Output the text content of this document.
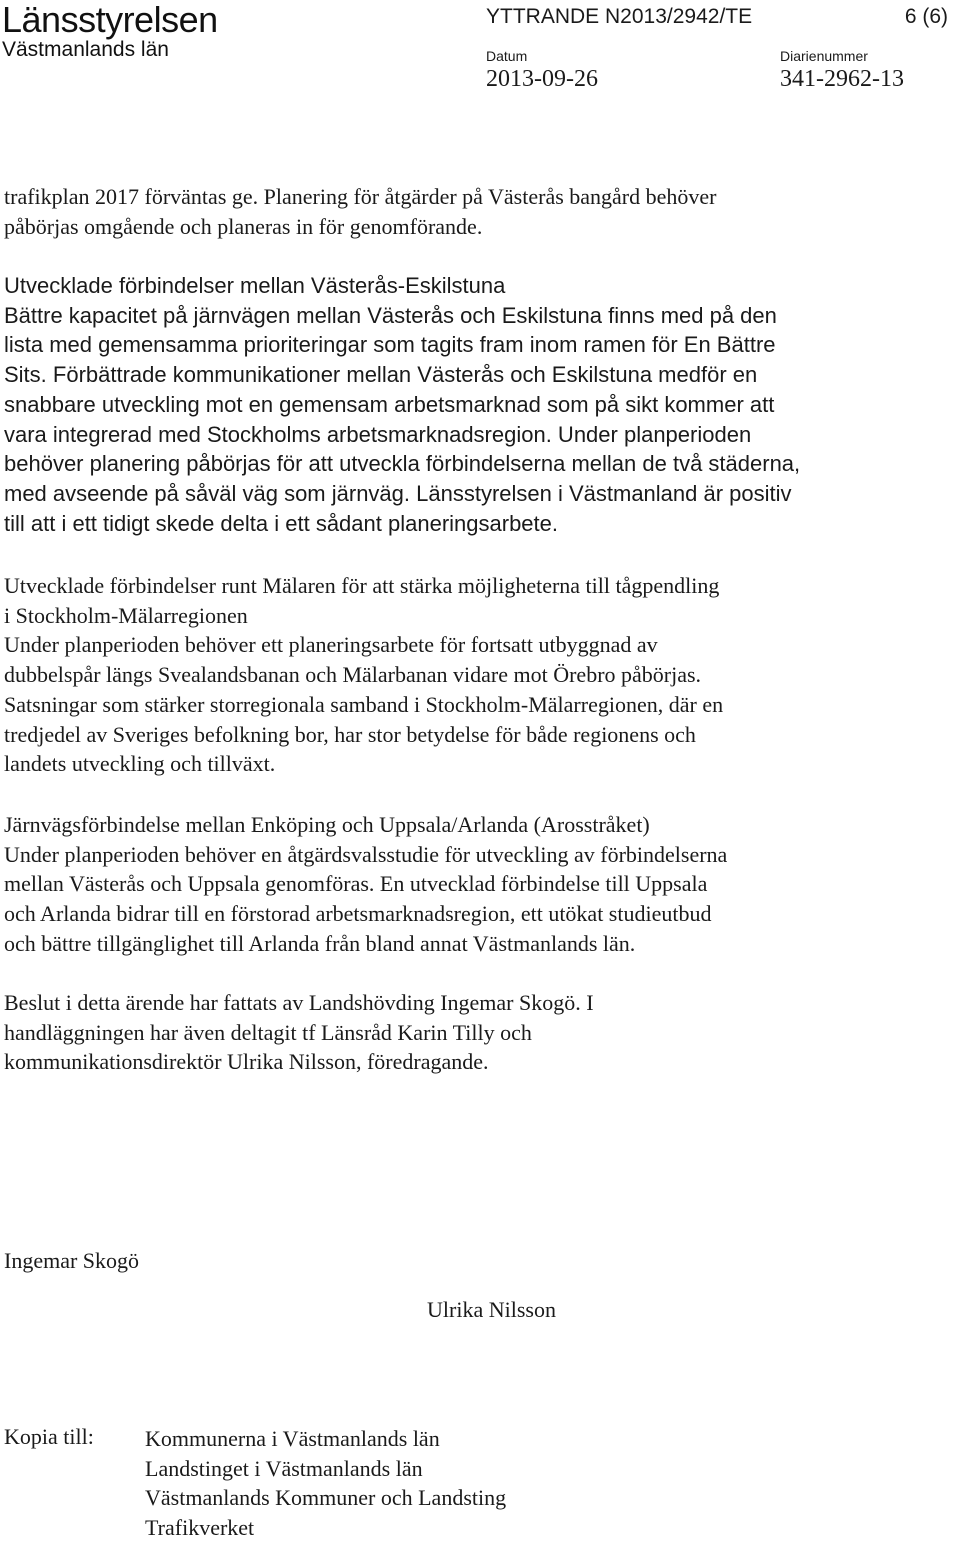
Länsstyrelsen
Västmanlands län
YTTRANDE N2013/2942/TE	6 (6)
Datum
2013-09-26
Diarienummer
341-2962-13
trafikplan 2017 förväntas ge. Planering för åtgärder på Västerås bangård behöver
påbörjas omgående och planeras in för genomförande.
Utvecklade förbindelser mellan Västerås-Eskilstuna
Bättre kapacitet på järnvägen mellan Västerås och Eskilstuna finns med på den
lista med gemensamma prioriteringar som tagits fram inom ramen för En Bättre
Sits. Förbättrade kommunikationer mellan Västerås och Eskilstuna medför en
snabbare utveckling mot en gemensam arbetsmarknad som på sikt kommer att
vara integrerad med Stockholms arbetsmarknadsregion. Under planperioden
behöver planering påbörjas för att utveckla förbindelserna mellan de två städerna,
med avseende på såväl väg som järnväg. Länsstyrelsen i Västmanland är positiv
till att i ett tidigt skede delta i ett sådant planeringsarbete.
Utvecklade förbindelser runt Mälaren för att stärka möjligheterna till tågpendling
i Stockholm-Mälarregionen
Under planperioden behöver ett planeringsarbete för fortsatt utbyggnad av
dubbelspår längs Svealandsbanan och Mälarbanan vidare mot Örebro påbörjas.
Satsningar som stärker storregionala samband i Stockholm-Mälarregionen, där en
tredjedel av Sveriges befolkning bor, har stor betydelse för både regionens och
landets utveckling och tillväxt.
Järnvägsförbindelse mellan Enköping och Uppsala/Arlanda (Arosstråket)
Under planperioden behöver en åtgärdsvalsstudie för utveckling av förbindelserna
mellan Västerås och Uppsala genomföras. En utvecklad förbindelse till Uppsala
och Arlanda bidrar till en förstorad arbetsmarknadsregion, ett utökat studieutbud
och bättre tillgänglighet till Arlanda från bland annat Västmanlands län.
Beslut i detta ärende har fattats av Landshövding Ingemar Skogö. I
handläggningen har även deltagit tf Länsråd Karin Tilly och
kommunikationsdirektör Ulrika Nilsson, föredragande.
Ingemar Skogö
Ulrika Nilsson
Kopia till: Kommunerna i Västmanlands län
Landstinget i Västmanlands län
Västmanlands Kommuner och Landsting
Trafikverket
